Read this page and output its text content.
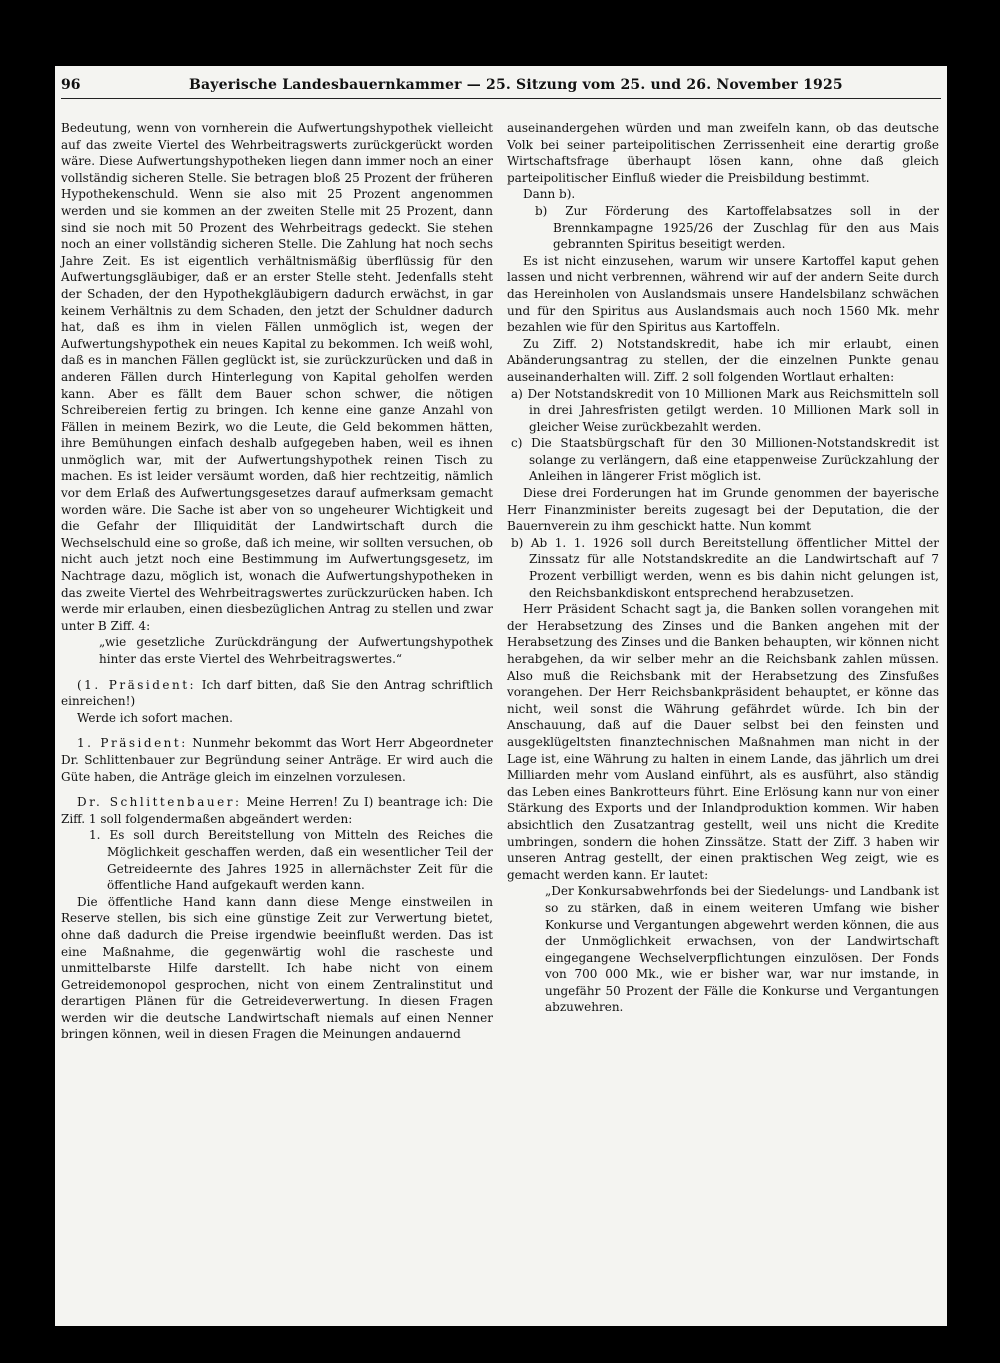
96	Bayerische Landesbauernkammer — 25. Sitzung vom 25. und 26. November 1925

Bedeutung, wenn von vornherein die Aufwertungshypothek vielleicht auf das zweite Viertel des Wehrbeitragswerts zurückgerückt worden wäre. Diese Aufwertungshypotheken liegen dann immer noch an einer vollständig sicheren Stelle. Sie betragen bloß 25 Prozent der früheren Hypothekenschuld. Wenn sie also mit 25 Prozent angenommen werden und sie kommen an der zweiten Stelle mit 25 Prozent, dann sind sie noch mit 50 Prozent des Wehrbeitrags gedeckt. Sie stehen noch an einer vollständig sicheren Stelle. Die Zahlung hat noch sechs Jahre Zeit. Es ist eigentlich verhältnismäßig überflüssig für den Aufwertungsgläubiger, daß er an erster Stelle steht. Jedenfalls steht der Schaden, der den Hypothekgläubigern dadurch erwächst, in gar keinem Verhältnis zu dem Schaden, den jetzt der Schuldner dadurch hat, daß es ihm in vielen Fällen unmöglich ist, wegen der Aufwertungshypothek ein neues Kapital zu bekommen. Ich weiß wohl, daß es in manchen Fällen geglückt ist, sie zurückzurücken und daß in anderen Fällen durch Hinterlegung von Kapital geholfen werden kann. Aber es fällt dem Bauer schon schwer, die nötigen Schreibereien fertig zu bringen. Ich kenne eine ganze Anzahl von Fällen in meinem Bezirk, wo die Leute, die Geld bekommen hätten, ihre Bemühungen einfach deshalb aufgegeben haben, weil es ihnen unmöglich war, mit der Aufwertungshypothek reinen Tisch zu machen. Es ist leider versäumt worden, daß hier rechtzeitig, nämlich vor dem Erlaß des Aufwertungsgesetzes darauf aufmerksam gemacht worden wäre. Die Sache ist aber von so ungeheurer Wichtigkeit und die Gefahr der Illiquidität der Landwirtschaft durch die Wechselschuld eine so große, daß ich meine, wir sollten versuchen, ob nicht auch jetzt noch eine Bestimmung im Aufwertungsgesetz, im Nachtrage dazu, möglich ist, wonach die Aufwertungshypotheken in das zweite Viertel des Wehrbeitragswertes zurückzurücken haben. Ich werde mir erlauben, einen diesbezüglichen Antrag zu stellen und zwar unter B Ziff. 4:

„wie gesetzliche Zurückdrängung der Aufwertungshypothek hinter das erste Viertel des Wehrbeitragswertes.“

(1. Präsident: Ich darf bitten, daß Sie den Antrag schriftlich einreichen!)

Werde ich sofort machen.

1. Präsident: Nunmehr bekommt das Wort Herr Abgeordneter Dr. Schlittenbauer zur Begründung seiner Anträge. Er wird auch die Güte haben, die Anträge gleich im einzelnen vorzulesen.

Dr. Schlittenbauer: Meine Herren! Zu I) beantrage ich: Die Ziff. 1 soll folgendermaßen abgeändert werden:

1. Es soll durch Bereitstellung von Mitteln des Reiches die Möglichkeit geschaffen werden, daß ein wesentlicher Teil der Getreideernte des Jahres 1925 in allernächster Zeit für die öffentliche Hand aufgekauft werden kann.

Die öffentliche Hand kann dann diese Menge einstweilen in Reserve stellen, bis sich eine günstige Zeit zur Verwertung bietet, ohne daß dadurch die Preise irgendwie beeinflußt werden. Das ist eine Maßnahme, die gegenwärtig wohl die rascheste und unmittelbarste Hilfe darstellt. Ich habe nicht von einem Getreidemonopol gesprochen, nicht von einem Zentralinstitut und derartigen Plänen für die Getreideverwertung. In diesen Fragen werden wir die deutsche Landwirtschaft niemals auf einen Nenner bringen können, weil in diesen Fragen die Meinungen andauernd

auseinandergehen würden und man zweifeln kann, ob das deutsche Volk bei seiner parteipolitischen Zerrissenheit eine derartig große Wirtschaftsfrage überhaupt lösen kann, ohne daß gleich parteipolitischer Einfluß wieder die Preisbildung bestimmt.

Dann b).

b) Zur Förderung des Kartoffelabsatzes soll in der Brennkampagne 1925/26 der Zuschlag für den aus Mais gebrannten Spiritus beseitigt werden.

Es ist nicht einzusehen, warum wir unsere Kartoffel kaput gehen lassen und nicht verbrennen, während wir auf der andern Seite durch das Hereinholen von Auslandsmais unsere Handelsbilanz schwächen und für den Spiritus aus Auslandsmais auch noch 1560 Mk. mehr bezahlen wie für den Spiritus aus Kartoffeln.

Zu Ziff. 2) Notstandskredit, habe ich mir erlaubt, einen Abänderungsantrag zu stellen, der die einzelnen Punkte genau auseinanderhalten will. Ziff. 2 soll folgenden Wortlaut erhalten:

a) Der Notstandskredit von 10 Millionen Mark aus Reichsmitteln soll in drei Jahresfristen getilgt werden. 10 Millionen Mark soll in gleicher Weise zurückbezahlt werden.

c) Die Staatsbürgschaft für den 30 Millionen-Notstandskredit ist solange zu verlängern, daß eine etappenweise Zurückzahlung der Anleihen in längerer Frist möglich ist.

Diese drei Forderungen hat im Grunde genommen der bayerische Herr Finanzminister bereits zugesagt bei der Deputation, die der Bauernverein zu ihm geschickt hatte. Nun kommt

b) Ab 1. 1. 1926 soll durch Bereitstellung öffentlicher Mittel der Zinssatz für alle Notstandskredite an die Landwirtschaft auf 7 Prozent verbilligt werden, wenn es bis dahin nicht gelungen ist, den Reichsbankdiskont entsprechend herabzusetzen.

Herr Präsident Schacht sagt ja, die Banken sollen vorangehen mit der Herabsetzung des Zinses und die Banken angehen mit der Herabsetzung des Zinses und die Banken behaupten, wir können nicht herabgehen, da wir selber mehr an die Reichsbank zahlen müssen. Also muß die Reichsbank mit der Herabsetzung des Zinsfußes vorangehen. Der Herr Reichsbankpräsident behauptet, er könne das nicht, weil sonst die Währung gefährdet würde. Ich bin der Anschauung, daß auf die Dauer selbst bei den feinsten und ausgeklügeltsten finanztechnischen Maßnahmen man nicht in der Lage ist, eine Währung zu halten in einem Lande, das jährlich um drei Milliarden mehr vom Ausland einführt, als es ausführt, also ständig das Leben eines Bankrotteurs führt. Eine Erlösung kann nur von einer Stärkung des Exports und der Inlandproduktion kommen. Wir haben absichtlich den Zusatzantrag gestellt, weil uns nicht die Kredite umbringen, sondern die hohen Zinssätze. Statt der Ziff. 3 haben wir unseren Antrag gestellt, der einen praktischen Weg zeigt, wie es gemacht werden kann. Er lautet:

„Der Konkursabwehrfonds bei der Siedelungs- und Landbank ist so zu stärken, daß in einem weiteren Umfang wie bisher Konkurse und Vergantungen abgewehrt werden können, die aus der Unmöglichkeit erwachsen, von der Landwirtschaft eingegangene Wechselverpflichtungen einzulösen. Der Fonds von 700 000 Mk., wie er bisher war, war nur imstande, in ungefähr 50 Prozent der Fälle die Konkurse und Vergantungen abzuwehren.
